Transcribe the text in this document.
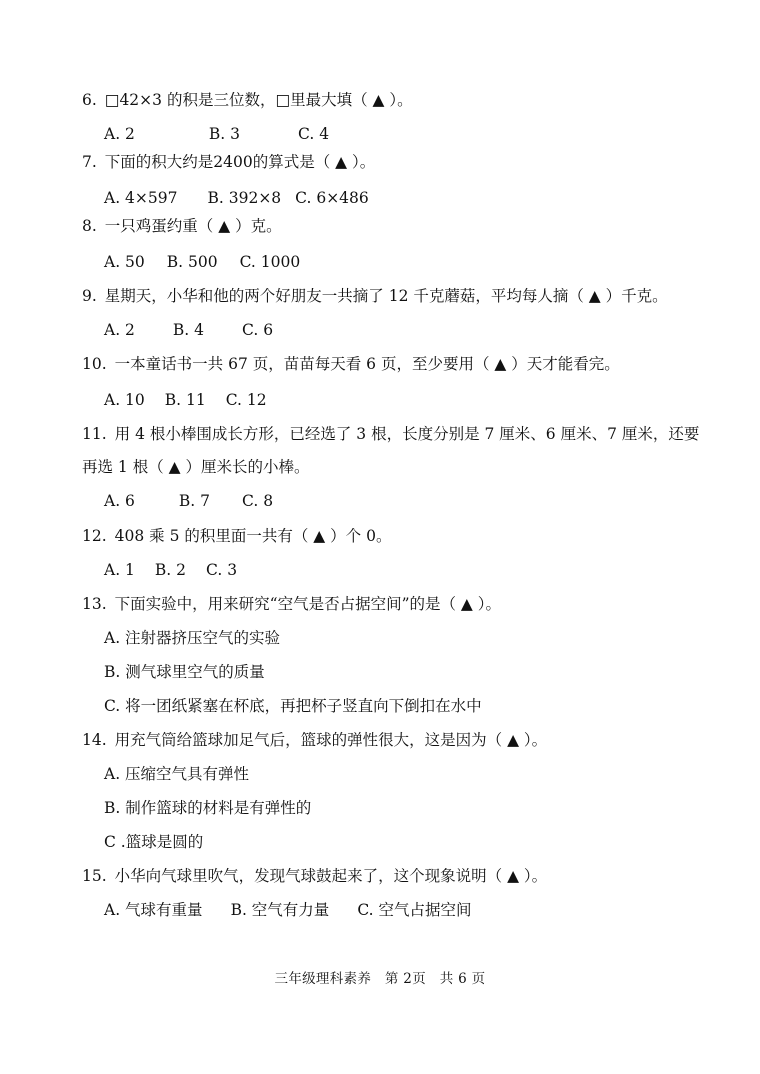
6. □42×3 的积是三位数，□里最大填（ ▲ ）。
A. 2	B. 3	C. 4
7. 下面的积大约是2400的算式是（ ▲ ）。
A. 4×597 B. 392×8 C. 6×486
8. 一只鸡蛋约重（ ▲ ）克。
A. 50 B. 500 C. 1000
9. 星期天，小华和他的两个好朋友一共摘了 12 千克蘑菇，平均每人摘（ ▲ ）千克。
A. 2 B. 4 C. 6
10. 一本童话书一共 67 页，苗苗每天看 6 页，至少要用（ ▲ ）天才能看完。
A. 10 B. 11 C. 12
11. 用 4 根小棒围成长方形，已经选了 3 根，长度分别是 7 厘米、6 厘米、7 厘米，还要
再选 1 根（ ▲ ）厘米长的小棒。
A. 6	B. 7 C. 8
12. 408 乘 5 的积里面一共有（ ▲ ）个 0。
A. 1 B. 2 C. 3
13. 下面实验中，用来研究“空气是否占据空间”的是（ ▲ ）。
A. 注射器挤压空气的实验
B. 测气球里空气的质量
C. 将一团纸紧塞在杯底，再把杯子竖直向下倒扣在水中
14. 用充气筒给篮球加足气后，篮球的弹性很大，这是因为（ ▲ ）。
A. 压缩空气具有弹性
B. 制作篮球的材料是有弹性的
C .篮球是圆的
15. 小华向气球里吹气，发现气球鼓起来了，这个现象说明（ ▲ ）。
A. 气球有重量 B. 空气有力量 C. 空气占据空间
三年级理科素养　第 2页　共 6 页
